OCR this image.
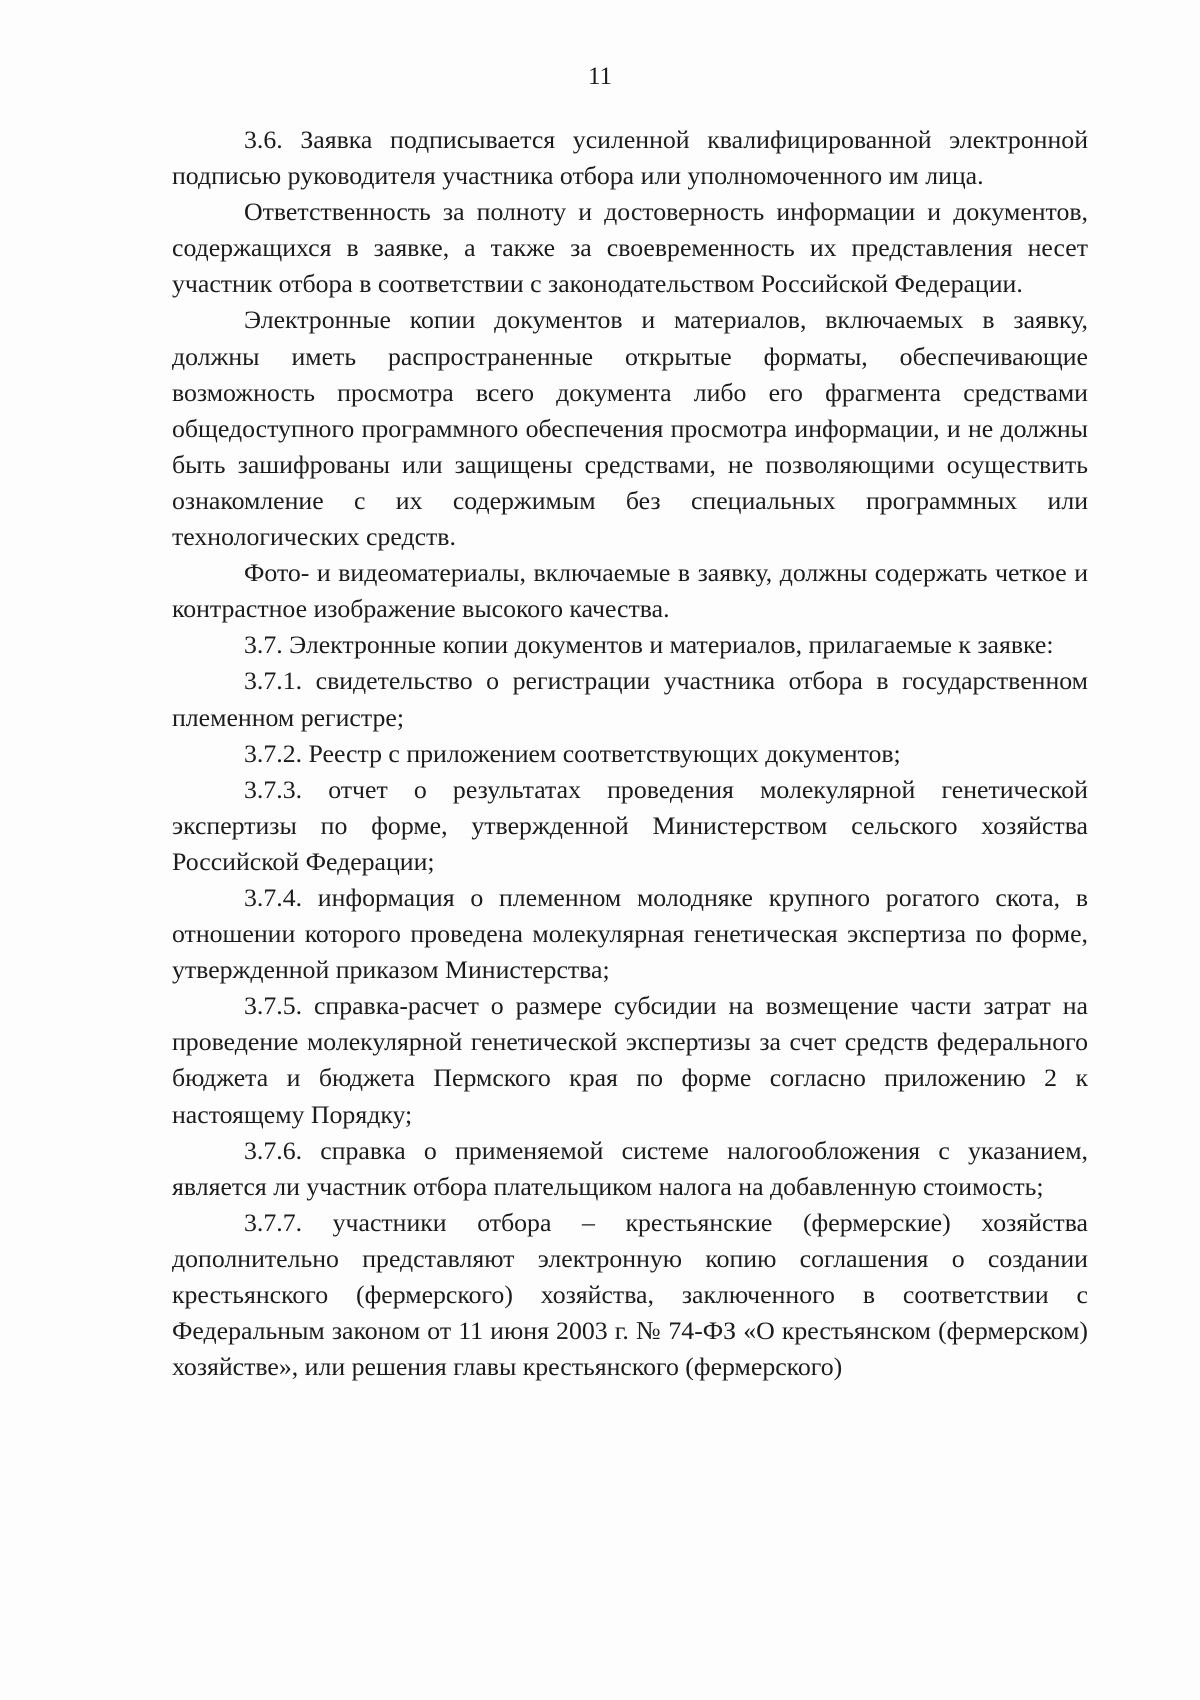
11

3.6. Заявка подписывается усиленной квалифицированной электронной подписью руководителя участника отбора или уполномоченного им лица.

Ответственность за полноту и достоверность информации и документов, содержащихся в заявке, а также за своевременность их представления несет участник отбора в соответствии с законодательством Российской Федерации.

Электронные копии документов и материалов, включаемых в заявку, должны иметь распространенные открытые форматы, обеспечивающие возможность просмотра всего документа либо его фрагмента средствами общедоступного программного обеспечения просмотра информации, и не должны быть зашифрованы или защищены средствами, не позволяющими осуществить ознакомление с их содержимым без специальных программных или технологических средств.

Фото- и видеоматериалы, включаемые в заявку, должны содержать четкое и контрастное изображение высокого качества.

3.7. Электронные копии документов и материалов, прилагаемые к заявке:

3.7.1. свидетельство о регистрации участника отбора в государственном племенном регистре;

3.7.2. Реестр с приложением соответствующих документов;

3.7.3. отчет о результатах проведения молекулярной генетической экспертизы по форме, утвержденной Министерством сельского хозяйства Российской Федерации;

3.7.4. информация о племенном молодняке крупного рогатого скота, в отношении которого проведена молекулярная генетическая экспертиза по форме, утвержденной приказом Министерства;

3.7.5. справка-расчет о размере субсидии на возмещение части затрат на проведение молекулярной генетической экспертизы за счет средств федерального бюджета и бюджета Пермского края по форме согласно приложению 2 к настоящему Порядку;

3.7.6. справка о применяемой системе налогообложения с указанием, является ли участник отбора плательщиком налога на добавленную стоимость;

3.7.7. участники отбора – крестьянские (фермерские) хозяйства дополнительно представляют электронную копию соглашения о создании крестьянского (фермерского) хозяйства, заключенного в соответствии с Федеральным законом от 11 июня 2003 г. № 74-ФЗ «О крестьянском (фермерском) хозяйстве», или решения главы крестьянского (фермерского)
